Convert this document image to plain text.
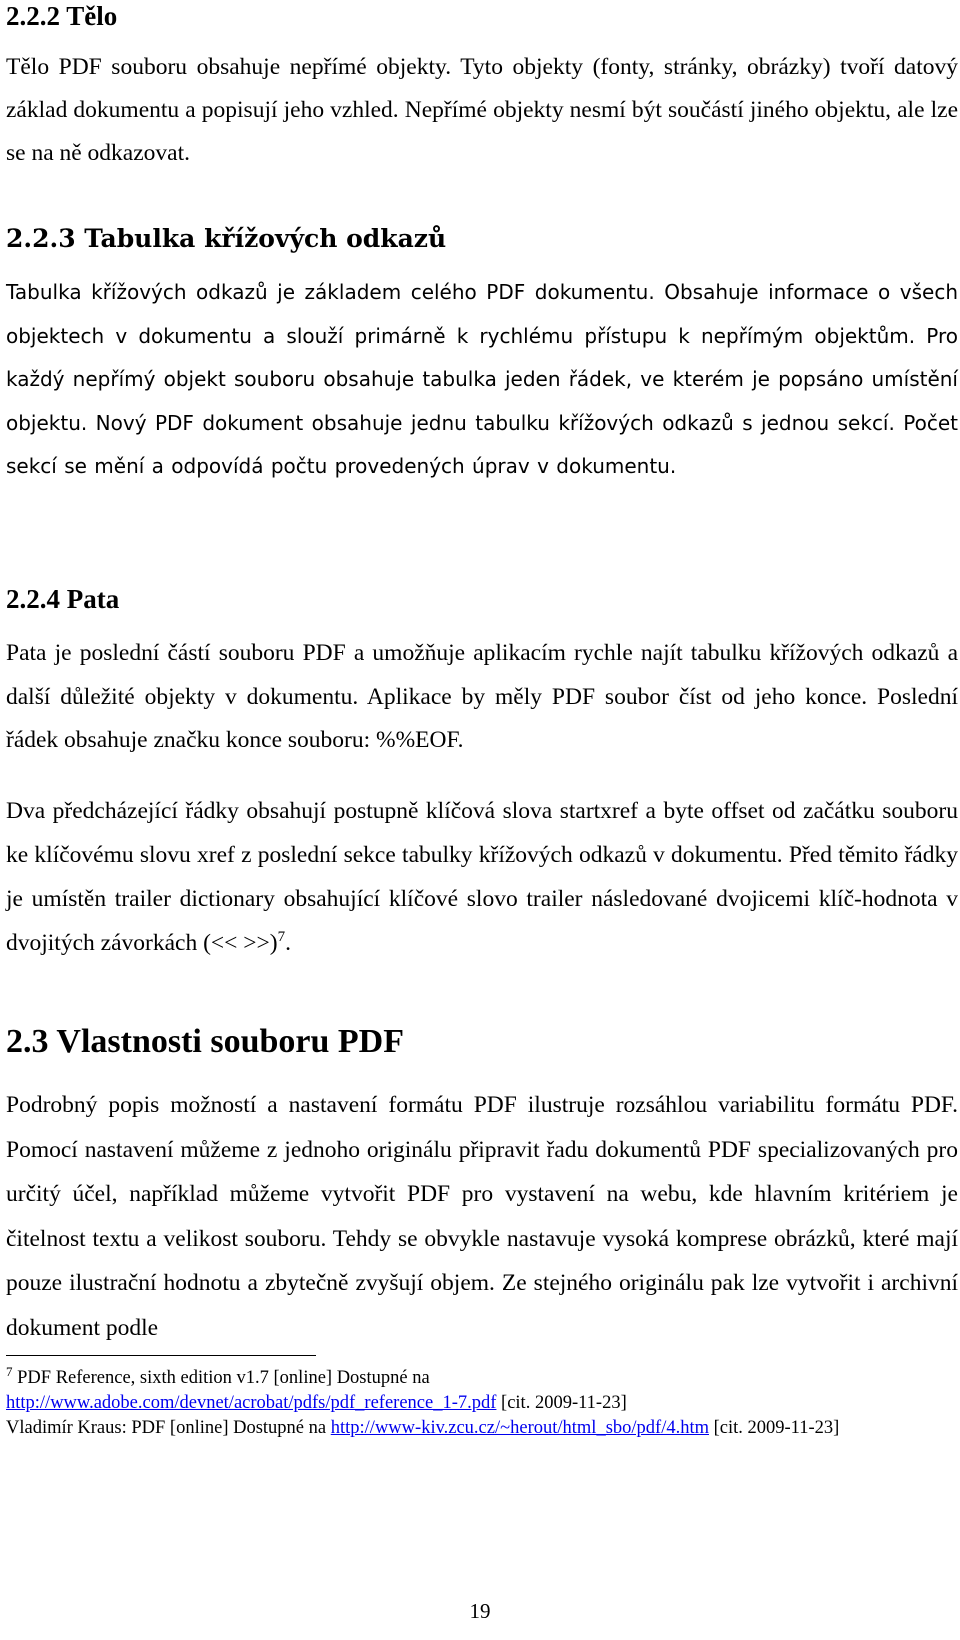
2.2.2 Tělo

Tělo PDF souboru obsahuje nepřímé objekty. Tyto objekty (fonty, stránky, obrázky) tvoří datový základ dokumentu a popisují jeho vzhled. Nepřímé objekty nesmí být součástí jiného objektu, ale lze se na ně odkazovat.

2.2.3 Tabulka křížových odkazů

Tabulka křížových odkazů je základem celého PDF dokumentu. Obsahuje informace o všech objektech v dokumentu a slouží primárně k rychlému přístupu k nepřímým objektům. Pro každý nepřímý objekt souboru obsahuje tabulka jeden řádek, ve kterém je popsáno umístění objektu. Nový PDF dokument obsahuje jednu tabulku křížových odkazů s jednou sekcí. Počet sekcí se mění a odpovídá počtu provedených úprav v dokumentu.

2.2.4 Pata

Pata je poslední částí souboru PDF a umožňuje aplikacím rychle najít tabulku křížových odkazů a další důležité objekty v dokumentu. Aplikace by měly PDF soubor číst od jeho konce. Poslední řádek obsahuje značku konce souboru: %%EOF.

Dva předcházející řádky obsahují postupně klíčová slova startxref a byte offset od začátku souboru ke klíčovému slovu xref z poslední sekce tabulky křížových odkazů v dokumentu. Před těmito řádky je umístěn trailer dictionary obsahující klíčové slovo trailer následované dvojicemi klíč-hodnota v dvojitých závorkách (<< >>)$^7$.

2.3 Vlastnosti souboru PDF

Podrobný popis možností a nastavení formátu PDF ilustruje rozsáhlou variabilitu formátu PDF. Pomocí nastavení můžeme z jednoho originálu připravit řadu dokumentů PDF specializovaných pro určitý účel, například můžeme vytvořit PDF pro vystavení na webu, kde hlavním kritériem je čitelnost textu a velikost souboru. Tehdy se obvykle nastavuje vysoká komprese obrázků, které mají pouze ilustrační hodnotu a zbytečně zvyšují objem. Ze stejného originálu pak lze vytvořit i archivní dokument podle

$^7$ PDF Reference, sixth edition v1.7 [online] Dostupné na
http://www.adobe.com/devnet/acrobat/pdfs/pdf_reference_1-7.pdf [cit. 2009-11-23]

Vladimír Kraus: PDF [online] Dostupné na http://www-kiv.zcu.cz/~herout/html_sbo/pdf/4.htm [cit. 2009-11-23]

19
